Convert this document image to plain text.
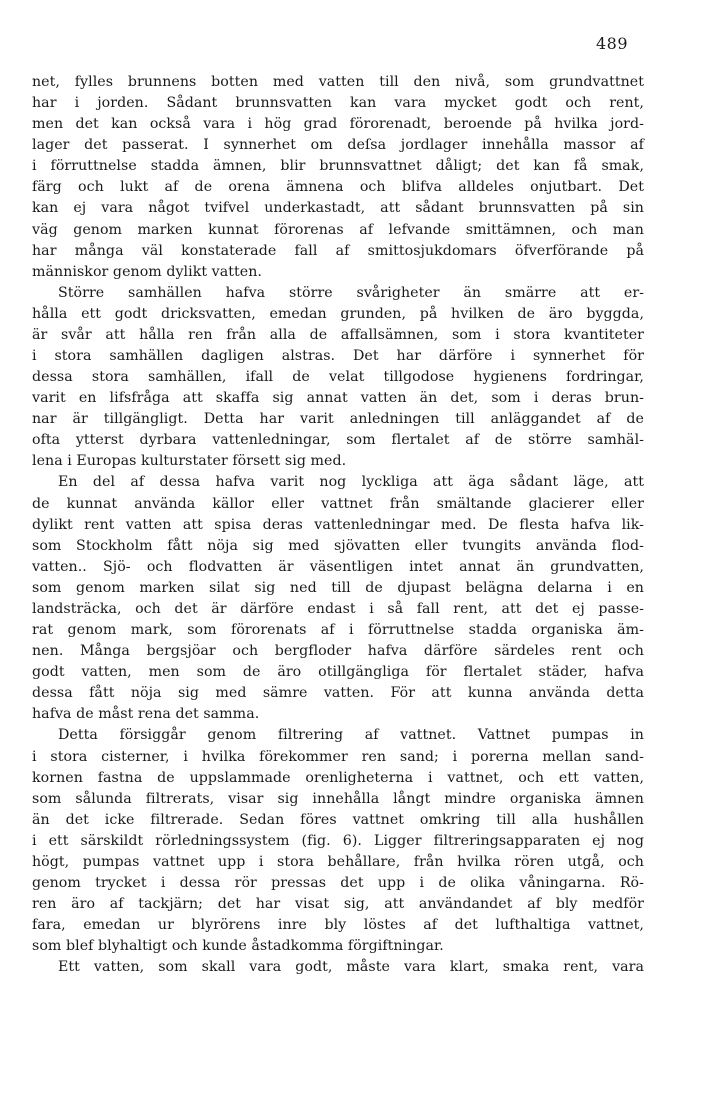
489
net, fylles brunnens botten med vatten till den nivå, som grundvattnet
har i jorden. Sådant brunnsvatten kan vara mycket godt och rent,
men det kan också vara i hög grad förorenadt, beroende på hvilka jord-
lager det passerat. I synnerhet om deſsa jordlager innehålla massor af
i förruttnelse stadda ämnen, blir brunnsvattnet dåligt; det kan få smak,
färg och lukt af de orena ämnena och blifva alldeles onjutbart. Det
kan ej vara något tvifvel underkastadt, att sådant brunnsvatten på sin
väg genom marken kunnat förorenas af lefvande smittämnen, och man
har många väl konstaterade fall af smittosjukdomars öfverförande på
människor genom dylikt vatten.
Större samhällen hafva större svårigheter än smärre att er-
hålla ett godt dricksvatten, emedan grunden, på hvilken de äro byggda,
är svår att hålla ren från alla de affallsämnen, som i stora kvantiteter
i stora samhällen dagligen alstras. Det har därföre i synnerhet för
dessa stora samhällen, ifall de velat tillgodose hygienens fordringar,
varit en lifsfråga att skaffa sig annat vatten än det, som i deras brun-
nar är tillgängligt. Detta har varit anledningen till anläggandet af de
ofta ytterst dyrbara vattenledningar, som flertalet af de större samhäl-
lena i Europas kulturstater försett sig med.
En del af dessa hafva varit nog lyckliga att äga sådant läge, att
de kunnat använda källor eller vattnet från smältande glacierer eller
dylikt rent vatten att spisa deras vattenledningar med. De flesta hafva lik-
som Stockholm fått nöja sig med sjövatten eller tvungits använda flod-
vatten.. Sjö- och flodvatten är väsentligen intet annat än grundvatten,
som genom marken silat sig ned till de djupast belägna delarna i en
landsträcka, och det är därföre endast i så fall rent, att det ej passe-
rat genom mark, som förorenats af i förruttnelse stadda organiska äm-
nen. Många bergsjöar och bergfloder hafva därföre särdeles rent och
godt vatten, men som de äro otillgängliga för flertalet städer, hafva
dessa fått nöja sig med sämre vatten. För att kunna använda detta
hafva de måst rena det samma.
Detta försiggår genom filtrering af vattnet. Vattnet pumpas in
i stora cisterner, i hvilka förekommer ren sand; i porerna mellan sand-
kornen fastna de uppslammade orenligheterna i vattnet, och ett vatten,
som sålunda filtrerats, visar sig innehålla långt mindre organiska ämnen
än det icke filtrerade. Sedan föres vattnet omkring till alla hushållen
i ett särskildt rörledningssystem (fig. 6). Ligger filtreringsapparaten ej nog
högt, pumpas vattnet upp i stora behållare, från hvilka rören utgå, och
genom trycket i dessa rör pressas det upp i de olika våningarna. Rö-
ren äro af tackjärn; det har visat sig, att användandet af bly medför
fara, emedan ur blyrörens inre bly löstes af det lufthaltiga vattnet,
som blef blyhaltigt och kunde åstadkomma förgiftningar.
Ett vatten, som skall vara godt, måste vara klart, smaka rent, vara
